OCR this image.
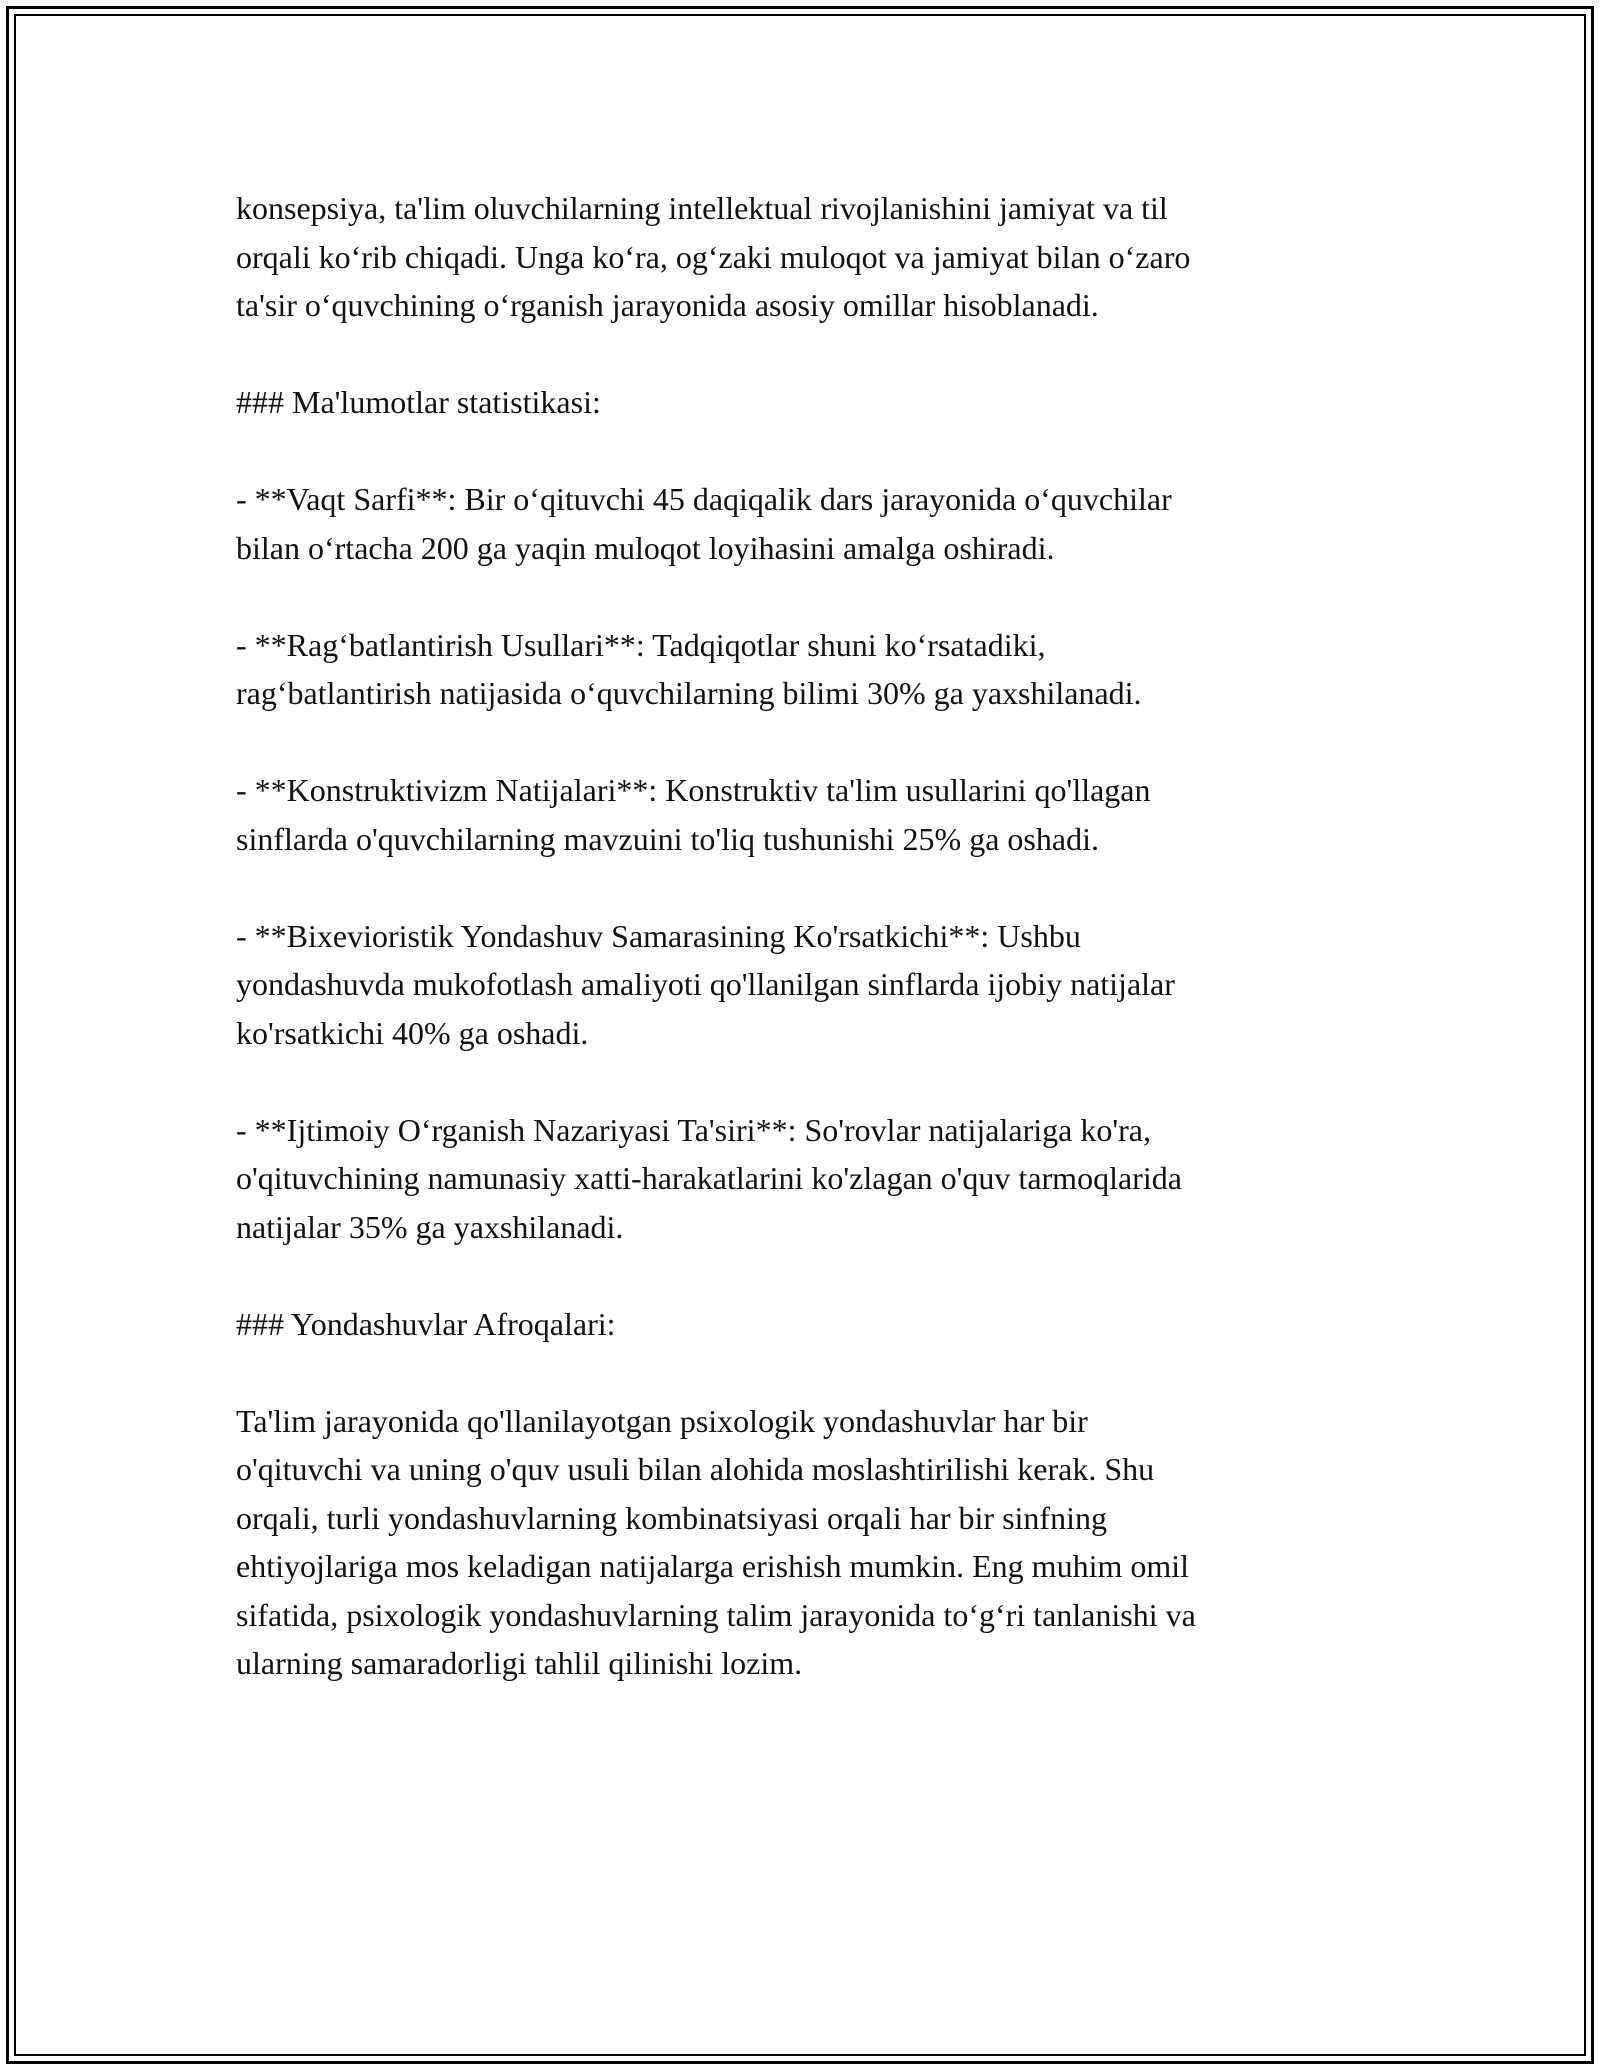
konsepsiya, ta'lim oluvchilarning intellektual rivojlanishini jamiyat va til
orqali ko‘rib chiqadi. Unga ko‘ra, og‘zaki muloqot va jamiyat bilan o‘zaro
ta'sir o‘quvchining o‘rganish jarayonida asosiy omillar hisoblanadi.

### Ma'lumotlar statistikasi:

- **Vaqt Sarfi**: Bir o‘qituvchi 45 daqiqalik dars jarayonida o‘quvchilar
bilan o‘rtacha 200 ga yaqin muloqot loyihasini amalga oshiradi.

- **Rag‘batlantirish Usullari**: Tadqiqotlar shuni ko‘rsatadiki,
rag‘batlantirish natijasida o‘quvchilarning bilimi 30% ga yaxshilanadi.

- **Konstruktivizm Natijalari**: Konstruktiv ta'lim usullarini qo'llagan
sinflarda o'quvchilarning mavzuini to'liq tushunishi 25% ga oshadi.

- **Bixevioristik Yondashuv Samarasining Ko'rsatkichi**: Ushbu
yondashuvda mukofotlash amaliyoti qo'llanilgan sinflarda ijobiy natijalar
ko'rsatkichi 40% ga oshadi.

- **Ijtimoiy O‘rganish Nazariyasi Ta'siri**: So'rovlar natijalariga ko'ra,
o'qituvchining namunasiy xatti-harakatlarini ko'zlagan o'quv tarmoqlarida
natijalar 35% ga yaxshilanadi.

### Yondashuvlar Afroqalari:

Ta'lim jarayonida qo'llanilayotgan psixologik yondashuvlar har bir
o'qituvchi va uning o'quv usuli bilan alohida moslashtirilishi kerak. Shu
orqali, turli yondashuvlarning kombinatsiyasi orqali har bir sinfning
ehtiyojlariga mos keladigan natijalarga erishish mumkin. Eng muhim omil
sifatida, psixologik yondashuvlarning talim jarayonida to‘g‘ri tanlanishi va
ularning samaradorligi tahlil qilinishi lozim.
